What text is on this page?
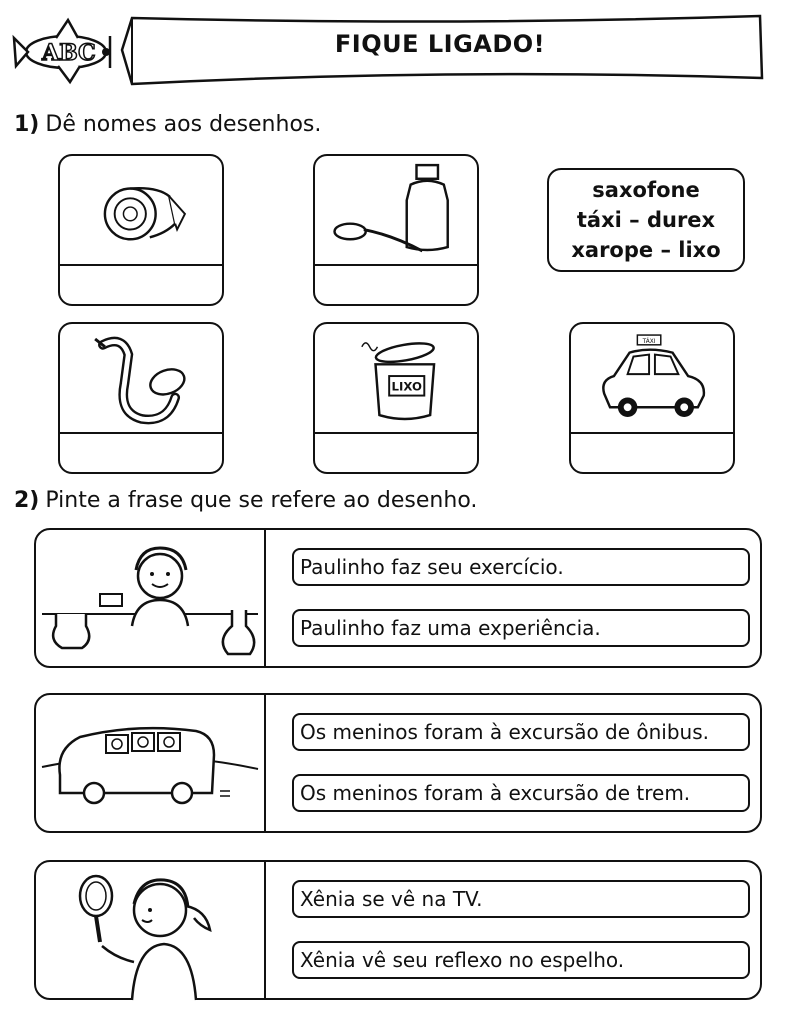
ABC	FIQUE LIGADO!
1) Dê nomes aos desenhos.
saxofone
táxi – durex
xarope – lixo
LIXO
TÁXI
2) Pinte a frase que se refere ao desenho.
Paulinho faz seu exercício.
Paulinho faz uma experiência.
Os meninos foram à excursão de ônibus.
Os meninos foram à excursão de trem.
Xênia se vê na TV.
Xênia vê seu reflexo no espelho.
